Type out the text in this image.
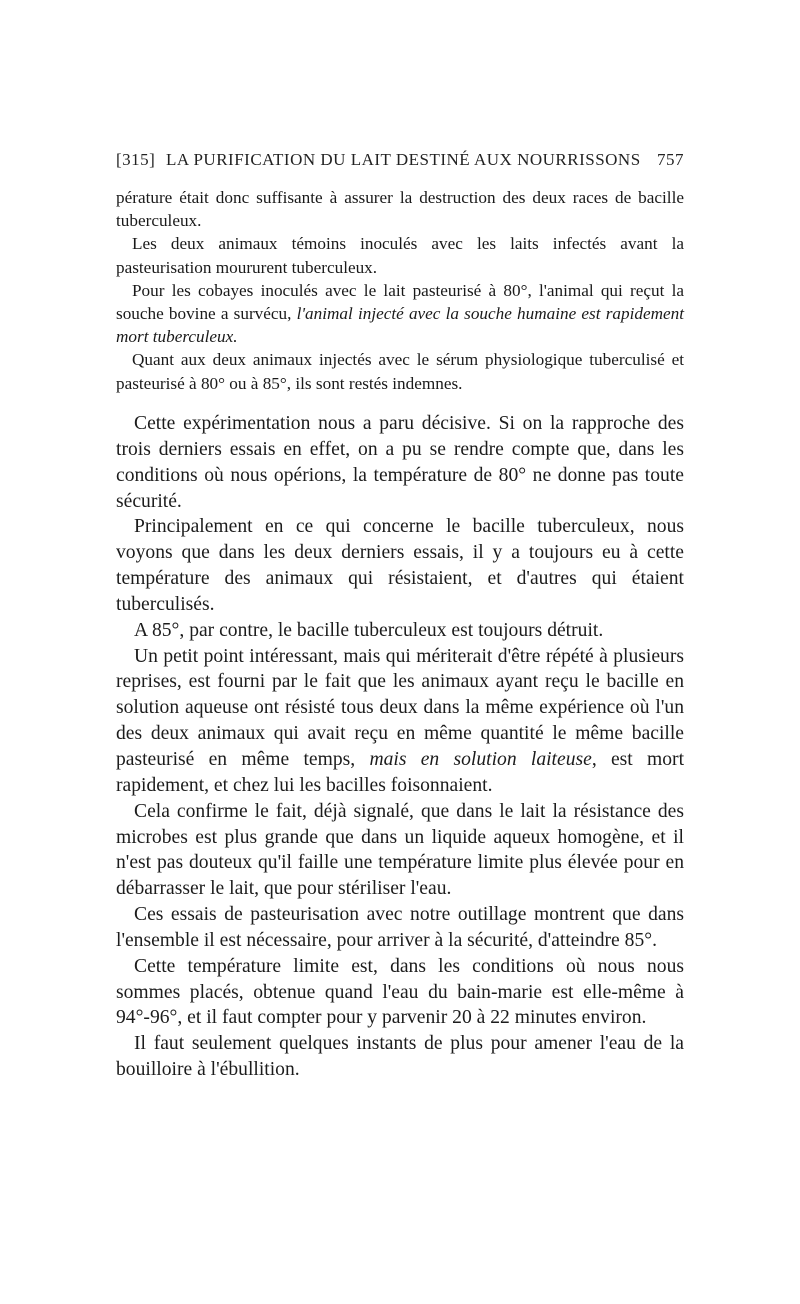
[315] LA PURIFICATION DU LAIT DESTINÉ AUX NOURRISSONS 757

pérature était donc suffisante à assurer la destruction des deux races de bacille tuberculeux.

Les deux animaux témoins inoculés avec les laits infectés avant la pasteurisation moururent tuberculeux.

Pour les cobayes inoculés avec le lait pasteurisé à 80°, l'animal qui reçut la souche bovine a survécu, l'animal injecté avec la souche humaine est rapidement mort tuberculeux.

Quant aux deux animaux injectés avec le sérum physiologique tuberculisé et pasteurisé à 80° ou à 85°, ils sont restés indemnes.

Cette expérimentation nous a paru décisive. Si on la rapproche des trois derniers essais en effet, on a pu se rendre compte que, dans les conditions où nous opérions, la température de 80° ne donne pas toute sécurité.

Principalement en ce qui concerne le bacille tuberculeux, nous voyons que dans les deux derniers essais, il y a toujours eu à cette température des animaux qui résistaient, et d'autres qui étaient tuberculisés.

A 85°, par contre, le bacille tuberculeux est toujours détruit.

Un petit point intéressant, mais qui mériterait d'être répété à plusieurs reprises, est fourni par le fait que les animaux ayant reçu le bacille en solution aqueuse ont résisté tous deux dans la même expérience où l'un des deux animaux qui avait reçu en même quantité le même bacille pasteurisé en même temps, mais en solution laiteuse, est mort rapidement, et chez lui les bacilles foisonnaient.

Cela confirme le fait, déjà signalé, que dans le lait la résistance des microbes est plus grande que dans un liquide aqueux homogène, et il n'est pas douteux qu'il faille une température limite plus élevée pour en débarrasser le lait, que pour stériliser l'eau.

Ces essais de pasteurisation avec notre outillage montrent que dans l'ensemble il est nécessaire, pour arriver à la sécurité, d'atteindre 85°.

Cette température limite est, dans les conditions où nous nous sommes placés, obtenue quand l'eau du bain-marie est elle-même à 94°-96°, et il faut compter pour y parvenir 20 à 22 minutes environ.

Il faut seulement quelques instants de plus pour amener l'eau de la bouilloire à l'ébullition.
